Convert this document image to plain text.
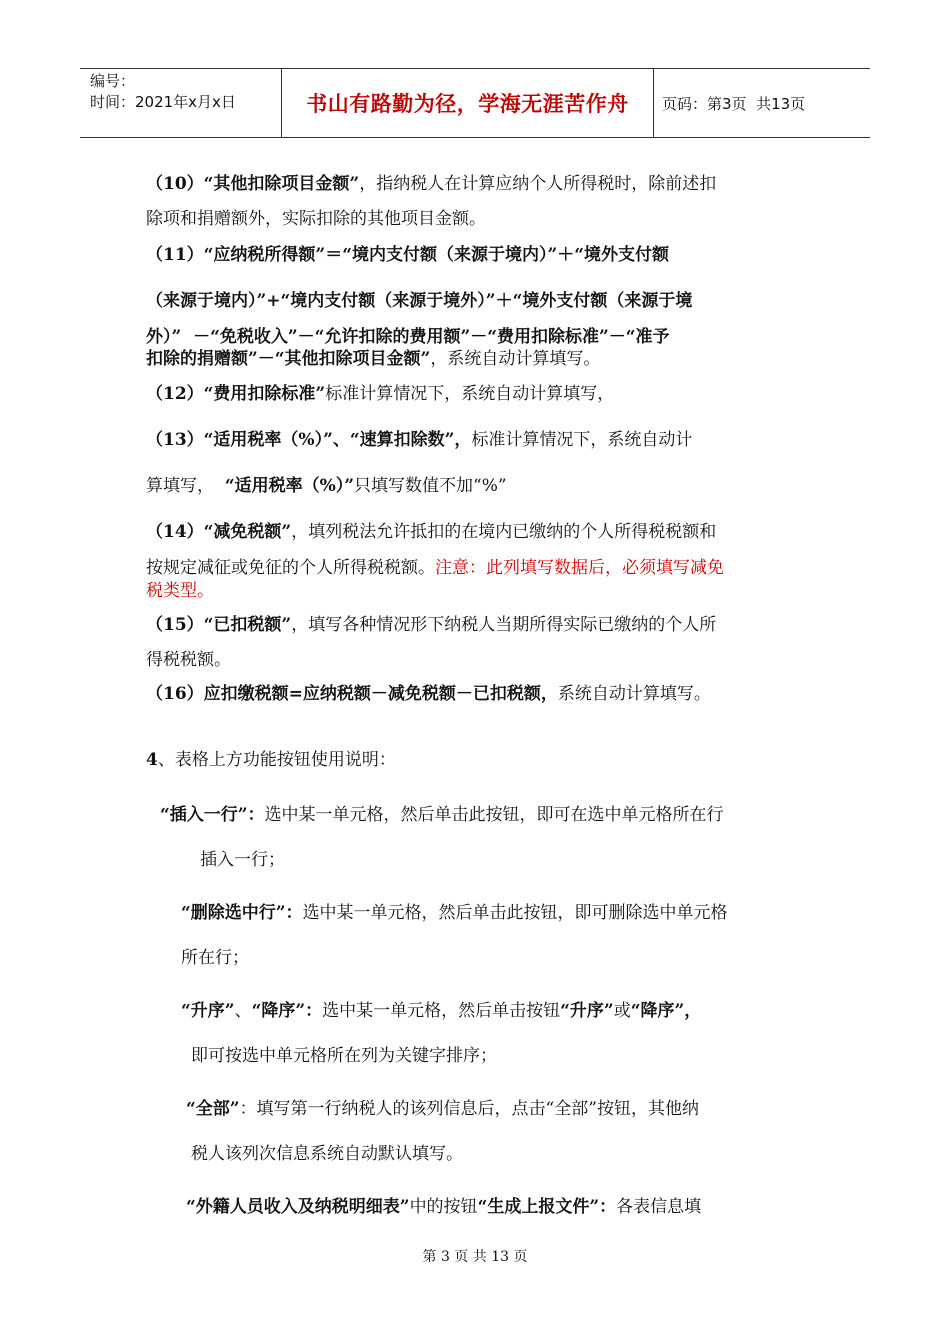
编号：
时间：2021年x月x日	书山有路勤为径，学海无涯苦作舟	页码：第3页  共13页
（10）“其他扣除项目金额”，指纳税人在计算应纳个人所得税时，除前述扣
除项和捐赠额外，实际扣除的其他项目金额。
（11）“应纳税所得额”＝“境内支付额（来源于境内）”＋“境外支付额
（来源于境内）”+“境内支付额（来源于境外）”＋“境外支付额（来源于境
外）”  －“免税收入”－“允许扣除的费用额”－“费用扣除标准”－“准予
扣除的捐赠额”－“其他扣除项目金额”，系统自动计算填写。
（12）“费用扣除标准”标准计算情况下，系统自动计算填写，
（13）“适用税率（%）”、“速算扣除数”，标准计算情况下，系统自动计
算填写，  “适用税率（%）”只填写数值不加“%”
（14）“减免税额”，填列税法允许抵扣的在境内已缴纳的个人所得税税额和
按规定减征或免征的个人所得税税额。注意：此列填写数据后，必须填写减免
税类型。
（15）“已扣税额”，填写各种情况形下纳税人当期所得实际已缴纳的个人所
得税税额。
（16）应扣缴税额=应纳税额－减免税额－已扣税额，系统自动计算填写。
4、表格上方功能按钮使用说明：
“插入一行”：选中某一单元格，然后单击此按钮，即可在选中单元格所在行
插入一行；
“删除选中行”：选中某一单元格，然后单击此按钮，即可删除选中单元格
所在行；
“升序”、“降序”：选中某一单元格，然后单击按钮“升序”或“降序”，
即可按选中单元格所在列为关键字排序；
“全部”：填写第一行纳税人的该列信息后，点击“全部”按钮，其他纳
税人该列次信息系统自动默认填写。
“外籍人员收入及纳税明细表”中的按钮“生成上报文件”：各表信息填
第 3 页 共 13 页
